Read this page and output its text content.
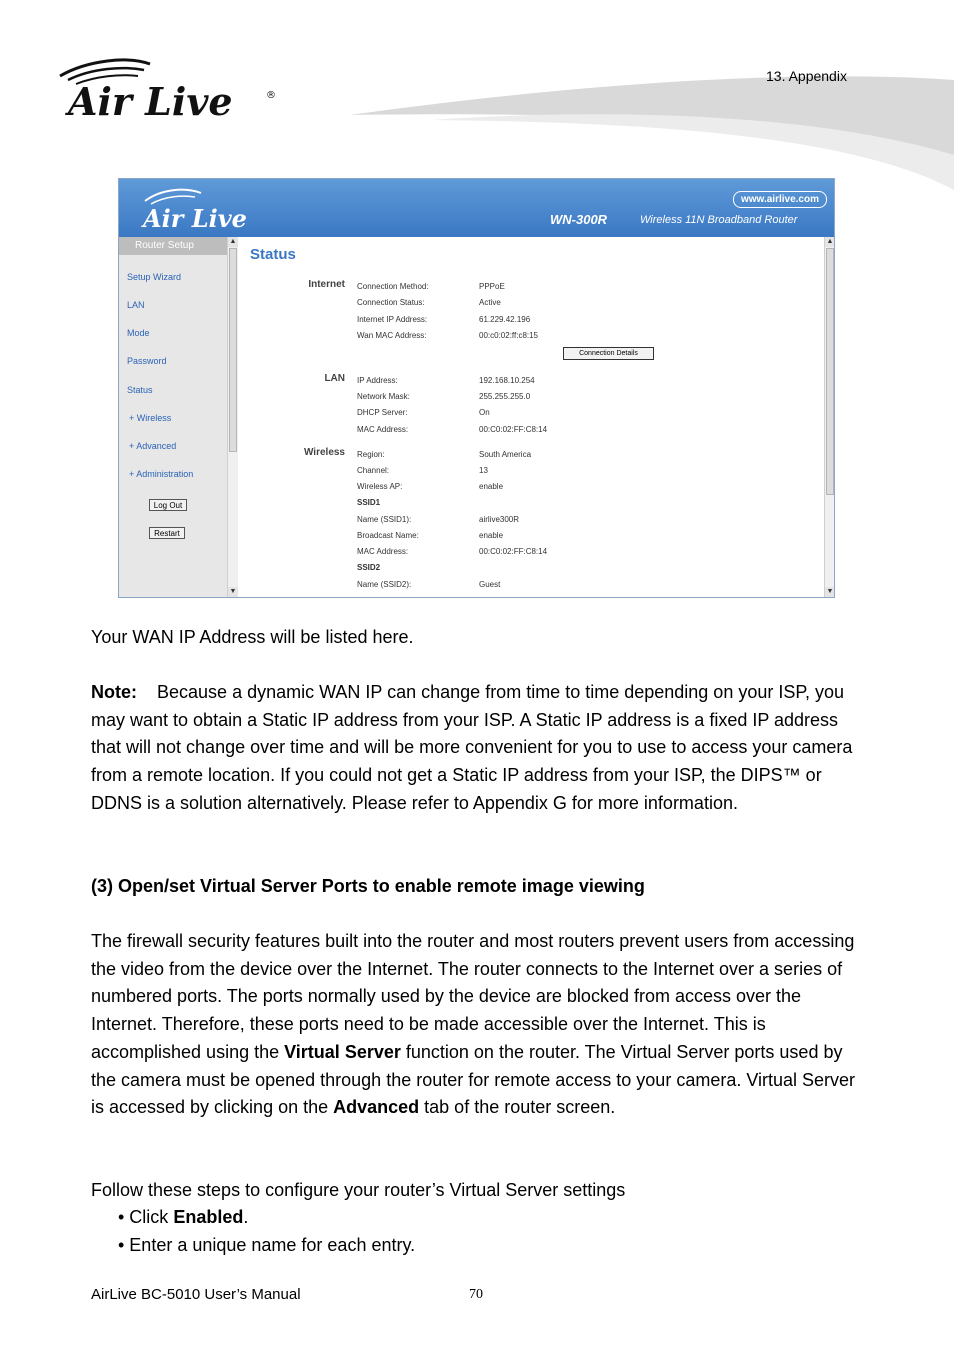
Air Live	®
13. Appendix
Air Live
www.airlive.com
WN-300R	Wireless 11N Broadband Router
Router Setup
Setup Wizard
LAN
Mode
Password
Status
+ Wireless
+ Advanced
+ Administration
Log Out
Restart
▲
▼
Status
Internet Connection Method:	PPPoE
Connection Status:	Active
Internet IP Address:	61.229.42.196
Wan MAC Address:	00:c0:02:ff:c8:15
Connection Details
LAN IP Address:	192.168.10.254
Network Mask:	255.255.255.0
DHCP Server:	On
MAC Address:	00:C0:02:FF:C8:14
Wireless Region:	South America
Channel:	13
Wireless AP:	enable
SSID1
Name (SSID1):	airlive300R
Broadcast Name:	enable
MAC Address:	00:C0:02:FF:C8:14
SSID2
Name (SSID2):	Guest
▲
▼
Your WAN IP Address will be listed here.
Note: Because a dynamic WAN IP can change from time to time depending on your ISP, you may want to obtain a Static IP address from your ISP. A Static IP address is a fixed IP address that will not change over time and will be more convenient for you to use to access your camera from a remote location. If you could not get a Static IP address from your ISP, the DIPS™ or DDNS is a solution alternatively. Please refer to Appendix G for more information.
(3) Open/set Virtual Server Ports to enable remote image viewing
The firewall security features built into the router and most routers prevent users from accessing the video from the device over the Internet. The router connects to the Internet over a series of numbered ports. The ports normally used by the device are blocked from access over the Internet. Therefore, these ports need to be made accessible over the Internet. This is accomplished using the Virtual Server function on the router. The Virtual Server ports used by the camera must be opened through the router for remote access to your camera. Virtual Server is accessed by clicking on the Advanced tab of the router screen.
Follow these steps to configure your router’s Virtual Server settings
• Click Enabled.
• Enter a unique name for each entry.
AirLive BC-5010 User’s Manual	70
